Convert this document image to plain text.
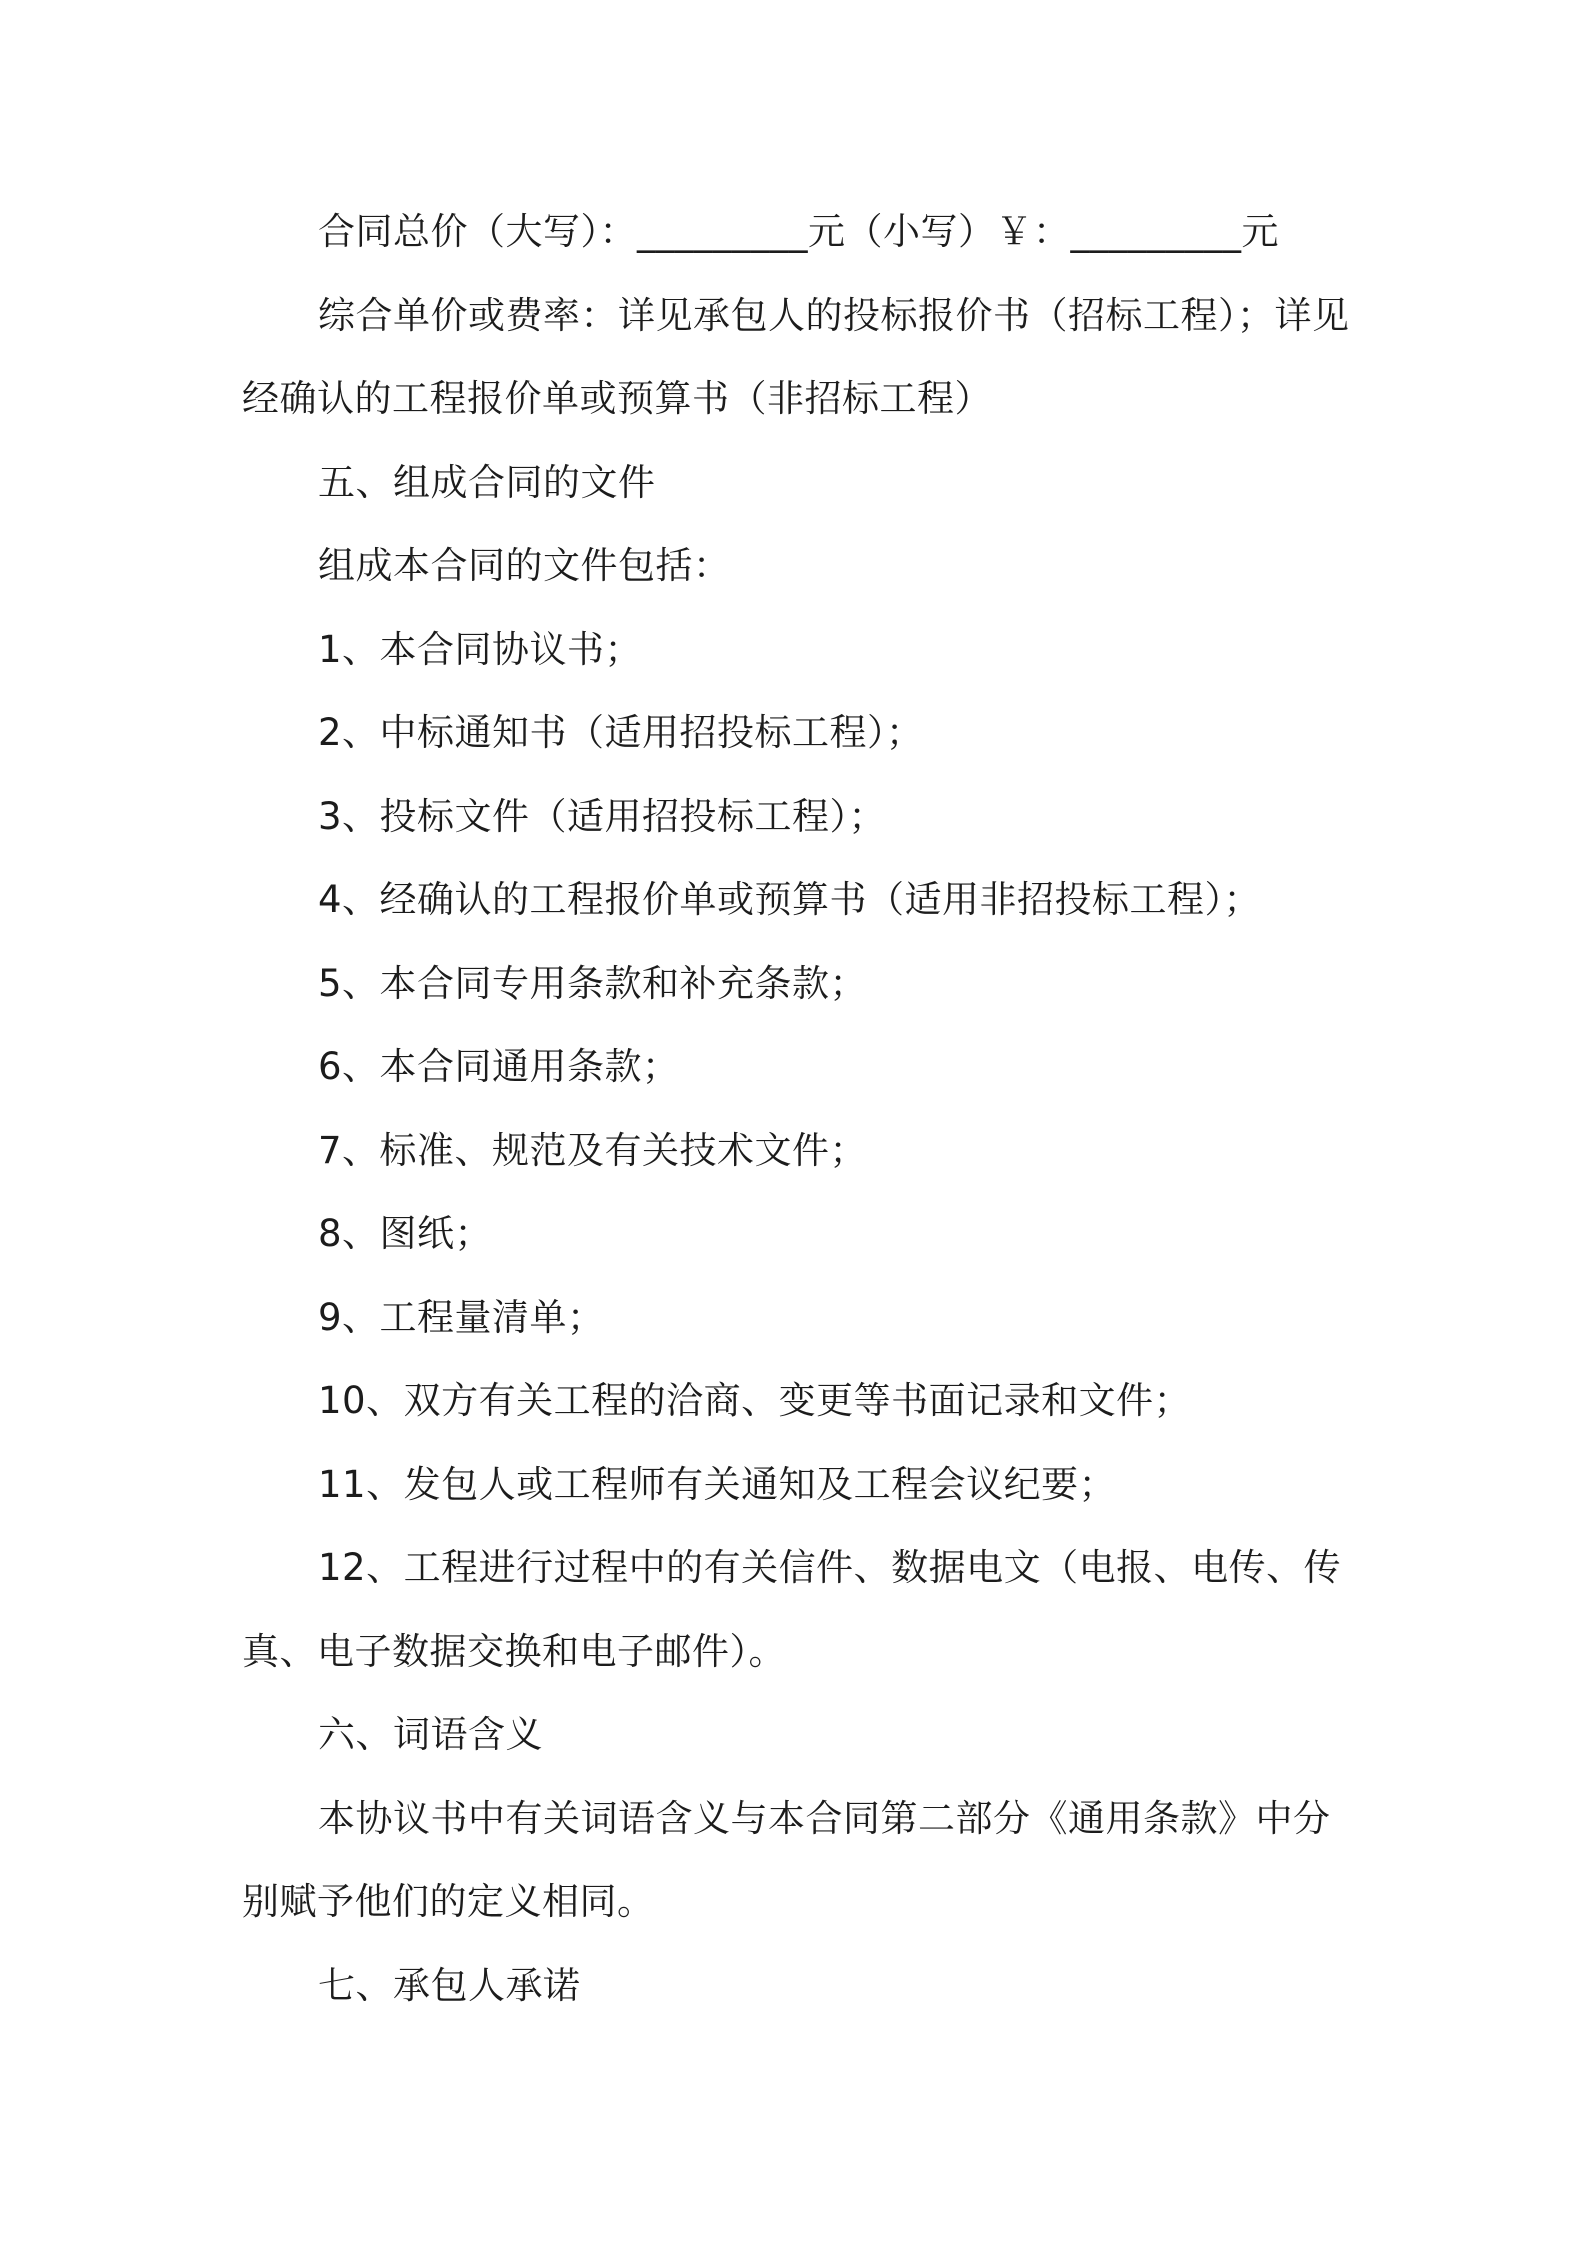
合同总价（大写）：_________元（小写）￥：_________元

综合单价或费率：详见承包人的投标报价书（招标工程）；详见经确认的工程报价单或预算书（非招标工程）

五、组成合同的文件

组成本合同的文件包括：

1、本合同协议书；

2、中标通知书（适用招投标工程）；

3、投标文件（适用招投标工程）；

4、经确认的工程报价单或预算书（适用非招投标工程）；

5、本合同专用条款和补充条款；

6、本合同通用条款；

7、标准、规范及有关技术文件；

8、图纸；

9、工程量清单；

10、双方有关工程的洽商、变更等书面记录和文件；

11、发包人或工程师有关通知及工程会议纪要；

12、工程进行过程中的有关信件、数据电文（电报、电传、传真、电子数据交换和电子邮件）。

六、词语含义

本协议书中有关词语含义与本合同第二部分《通用条款》中分别赋予他们的定义相同。

七、承包人承诺
